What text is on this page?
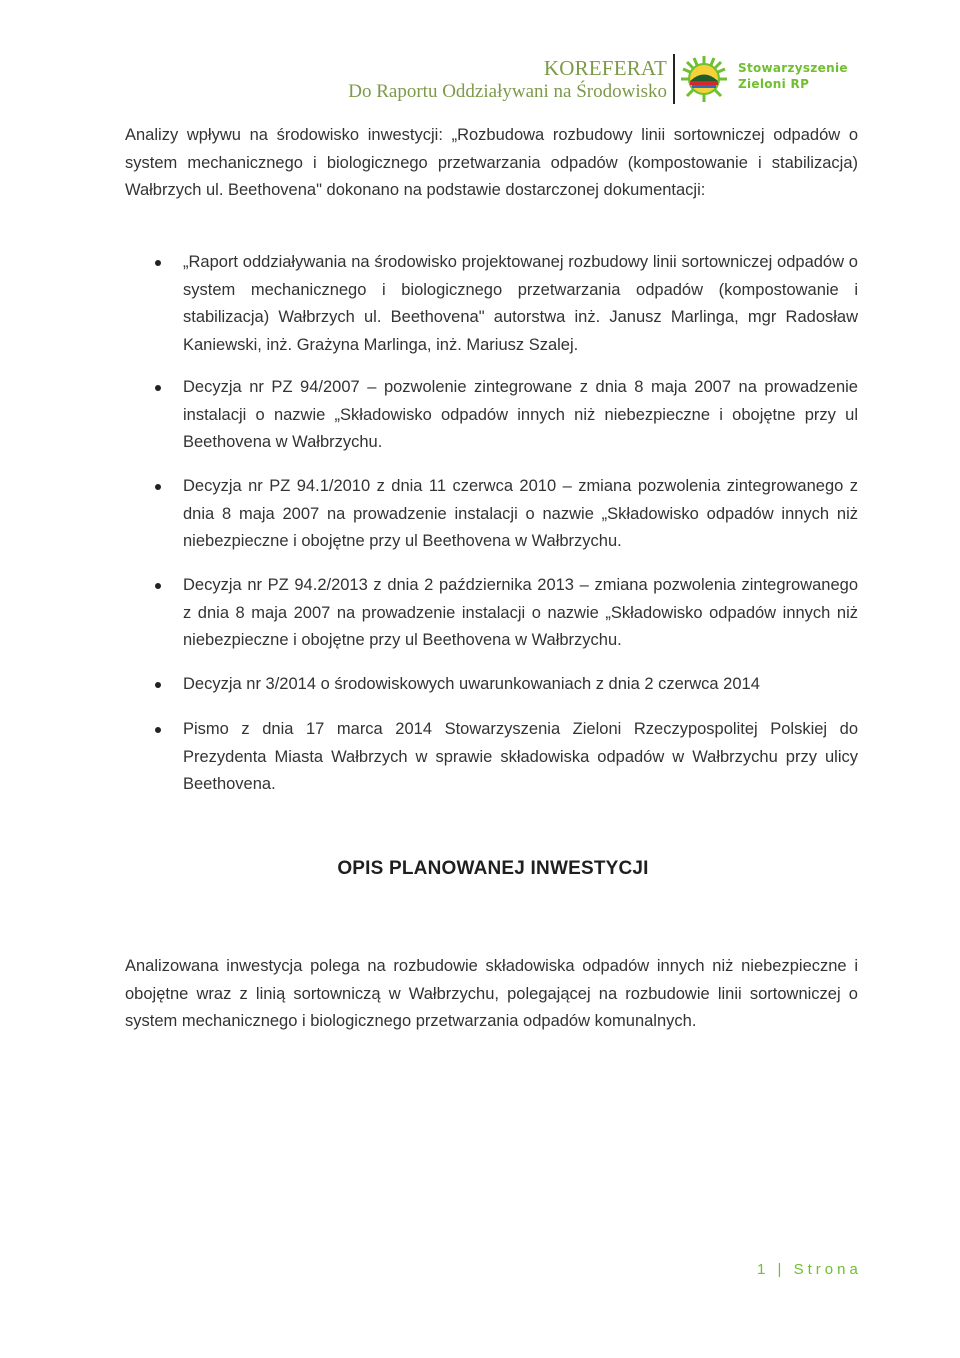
KOREFERAT
Do Raportu Oddziaływani na Środowisko
Stowarzyszenie
Zieloni RP
Analizy wpływu na środowisko inwestycji: „Rozbudowa rozbudowy linii sortowniczej odpadów o system mechanicznego i biologicznego przetwarzania odpadów (kompostowanie i stabilizacja) Wałbrzych ul. Beethovena" dokonano na podstawie dostarczonej dokumentacji:
„Raport oddziaływania na środowisko projektowanej rozbudowy linii sortowniczej odpadów o system mechanicznego i biologicznego przetwarzania odpadów (kompostowanie i stabilizacja) Wałbrzych ul. Beethovena" autorstwa inż. Janusz Marlinga, mgr Radosław Kaniewski, inż. Grażyna Marlinga, inż. Mariusz Szalej.
Decyzja nr PZ 94/2007 – pozwolenie zintegrowane z dnia 8 maja 2007 na prowadzenie instalacji o nazwie „Składowisko odpadów innych niż niebezpieczne i obojętne przy ul Beethovena w Wałbrzychu.
Decyzja nr PZ 94.1/2010 z dnia 11 czerwca 2010 – zmiana pozwolenia zintegrowanego z dnia 8 maja 2007 na prowadzenie instalacji o nazwie „Składowisko odpadów innych niż niebezpieczne i obojętne przy ul Beethovena w Wałbrzychu.
Decyzja nr PZ 94.2/2013 z dnia 2 października 2013 – zmiana pozwolenia zintegrowanego z dnia 8 maja 2007 na prowadzenie instalacji o nazwie „Składowisko odpadów innych niż niebezpieczne i obojętne przy ul Beethovena w Wałbrzychu.
Decyzja nr 3/2014 o środowiskowych uwarunkowaniach z dnia 2 czerwca 2014
Pismo z dnia 17 marca 2014 Stowarzyszenia Zieloni Rzeczypospolitej Polskiej do Prezydenta Miasta Wałbrzych w sprawie składowiska odpadów w Wałbrzychu przy ulicy Beethovena.
OPIS PLANOWANEJ INWESTYCJI
Analizowana inwestycja polega na rozbudowie składowiska odpadów innych niż niebezpieczne i obojętne wraz z linią sortowniczą w Wałbrzychu, polegającej na rozbudowie linii sortowniczej o system mechanicznego i biologicznego przetwarzania odpadów komunalnych.
1 | Strona
